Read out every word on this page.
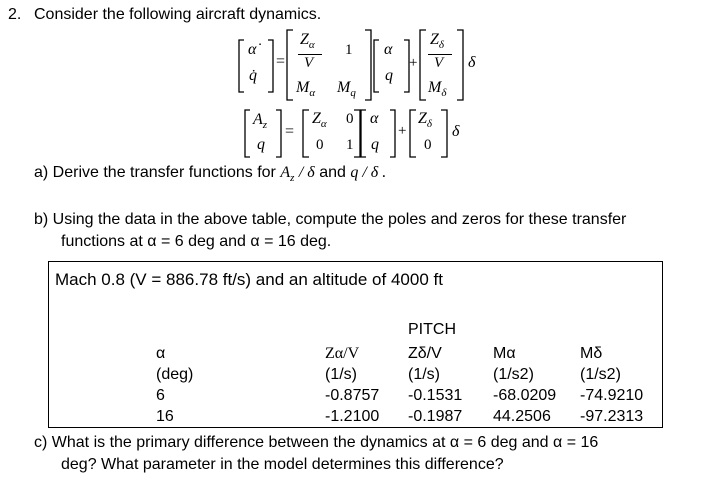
2. Consider the following aircraft dynamics.
α̇
q̇
=
$Z_\alpha$
V
1
$M_\alpha$ $M_q$
α
q
+
$Z_\delta$
V
$M_\delta$
δ
$A_z$
q
=
$Z_\alpha$ 0
0 1
α
q
+
$Z_\delta$
0
δ
a) Derive the transfer functions for $A_z$ / δ and q / δ .
b) Using the data in the above table, compute the poles and zeros for these transfer
functions at α = 6 deg and α = 16 deg.
Mach 0.8 (V = 886.78 ft/s) and an altitude of 4000 ft
PITCH
α	Zα/V	Zδ/V	Mα	Mδ
(deg)	(1/s)	(1/s)	(1/s2)	(1/s2)
6	-0.8757 -0.1531 -68.0209 -74.9210
16	-1.2100 -0.1987 44.2506 -97.2313
c) What is the primary difference between the dynamics at α = 6 deg and α = 16
deg? What parameter in the model determines this difference?
